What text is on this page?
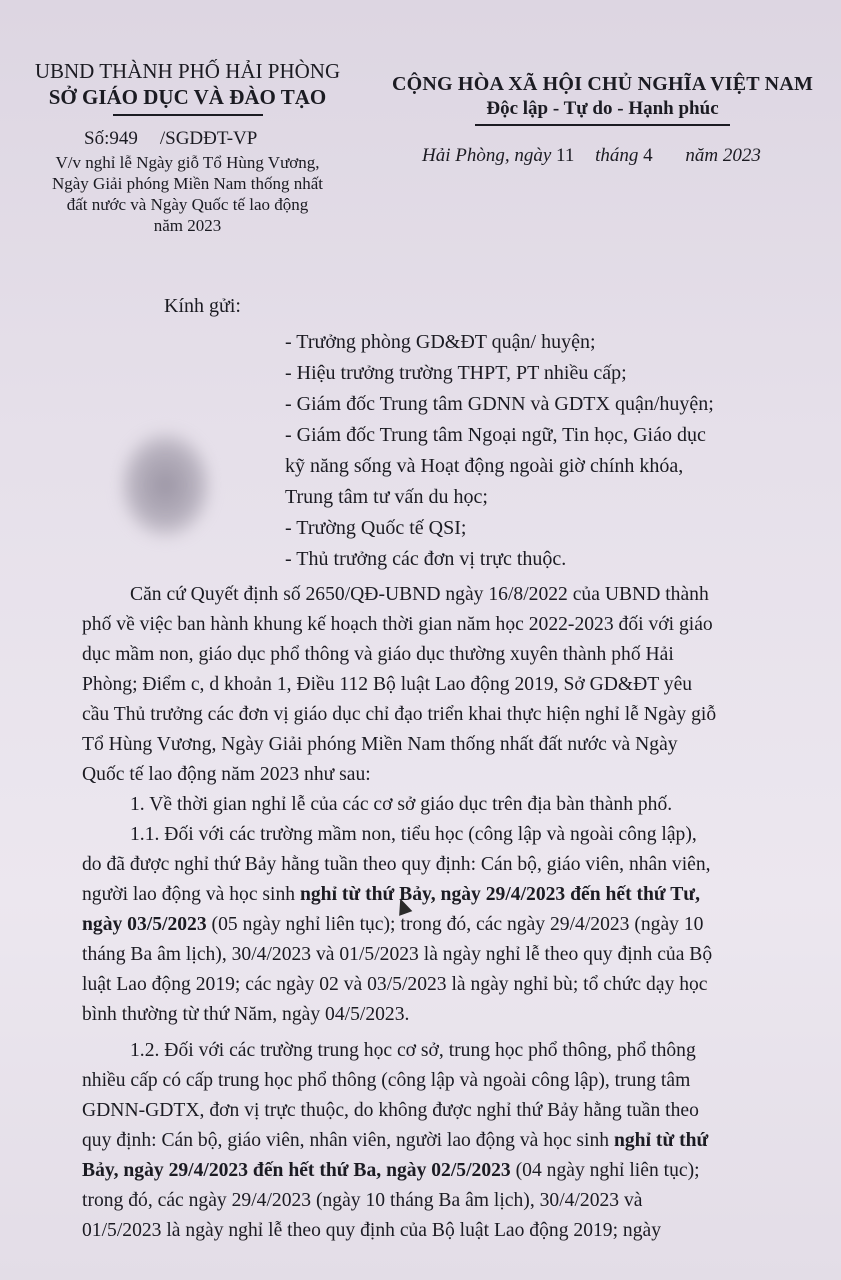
UBND THÀNH PHỐ HẢI PHÒNG
SỞ GIÁO DỤC VÀ ĐÀO TẠO
CỘNG HÒA XÃ HỘI CHỦ NGHĨA VIỆT NAM
Độc lập - Tự do - Hạnh phúc
Số:949 /SGDĐT-VP
V/v nghỉ lễ Ngày giỗ Tổ Hùng Vương,
Ngày Giải phóng Miền Nam thống nhất
đất nước và Ngày Quốc tế lao động
năm 2023
Hải Phòng, ngày 11 tháng 4 năm 2023
Kính gửi:
- Trưởng phòng GD&ĐT quận/ huyện;
- Hiệu trưởng trường THPT, PT nhiều cấp;
- Giám đốc Trung tâm GDNN và GDTX quận/huyện;
- Giám đốc Trung tâm Ngoại ngữ, Tin học, Giáo dục
kỹ năng sống và Hoạt động ngoài giờ chính khóa,
Trung tâm tư vấn du học;
- Trường Quốc tế QSI;
- Thủ trưởng các đơn vị trực thuộc.
Căn cứ Quyết định số 2650/QĐ-UBND ngày 16/8/2022 của UBND thành
phố về việc ban hành khung kế hoạch thời gian năm học 2022-2023 đối với giáo
dục mầm non, giáo dục phổ thông và giáo dục thường xuyên thành phố Hải
Phòng; Điểm c, d khoản 1, Điều 112 Bộ luật Lao động 2019, Sở GD&ĐT yêu
cầu Thủ trưởng các đơn vị giáo dục chỉ đạo triển khai thực hiện nghỉ lễ Ngày giỗ
Tổ Hùng Vương, Ngày Giải phóng Miền Nam thống nhất đất nước và Ngày
Quốc tế lao động năm 2023 như sau:
1. Về thời gian nghỉ lễ của các cơ sở giáo dục trên địa bàn thành phố.
1.1. Đối với các trường mầm non, tiểu học (công lập và ngoài công lập),
do đã được nghỉ thứ Bảy hằng tuần theo quy định: Cán bộ, giáo viên, nhân viên,
người lao động và học sinh nghỉ từ thứ Bảy, ngày 29/4/2023 đến hết thứ Tư,
ngày 03/5/2023 (05 ngày nghỉ liên tục); trong đó, các ngày 29/4/2023 (ngày 10
tháng Ba âm lịch), 30/4/2023 và 01/5/2023 là ngày nghỉ lễ theo quy định của Bộ
luật Lao động 2019; các ngày 02 và 03/5/2023 là ngày nghỉ bù; tổ chức dạy học
bình thường từ thứ Năm, ngày 04/5/2023.
1.2. Đối với các trường trung học cơ sở, trung học phổ thông, phổ thông
nhiều cấp có cấp trung học phổ thông (công lập và ngoài công lập), trung tâm
GDNN-GDTX, đơn vị trực thuộc, do không được nghỉ thứ Bảy hằng tuần theo
quy định: Cán bộ, giáo viên, nhân viên, người lao động và học sinh nghỉ từ thứ
Bảy, ngày 29/4/2023 đến hết thứ Ba, ngày 02/5/2023 (04 ngày nghỉ liên tục);
trong đó, các ngày 29/4/2023 (ngày 10 tháng Ba âm lịch), 30/4/2023 và
01/5/2023 là ngày nghỉ lễ theo quy định của Bộ luật Lao động 2019; ngày
